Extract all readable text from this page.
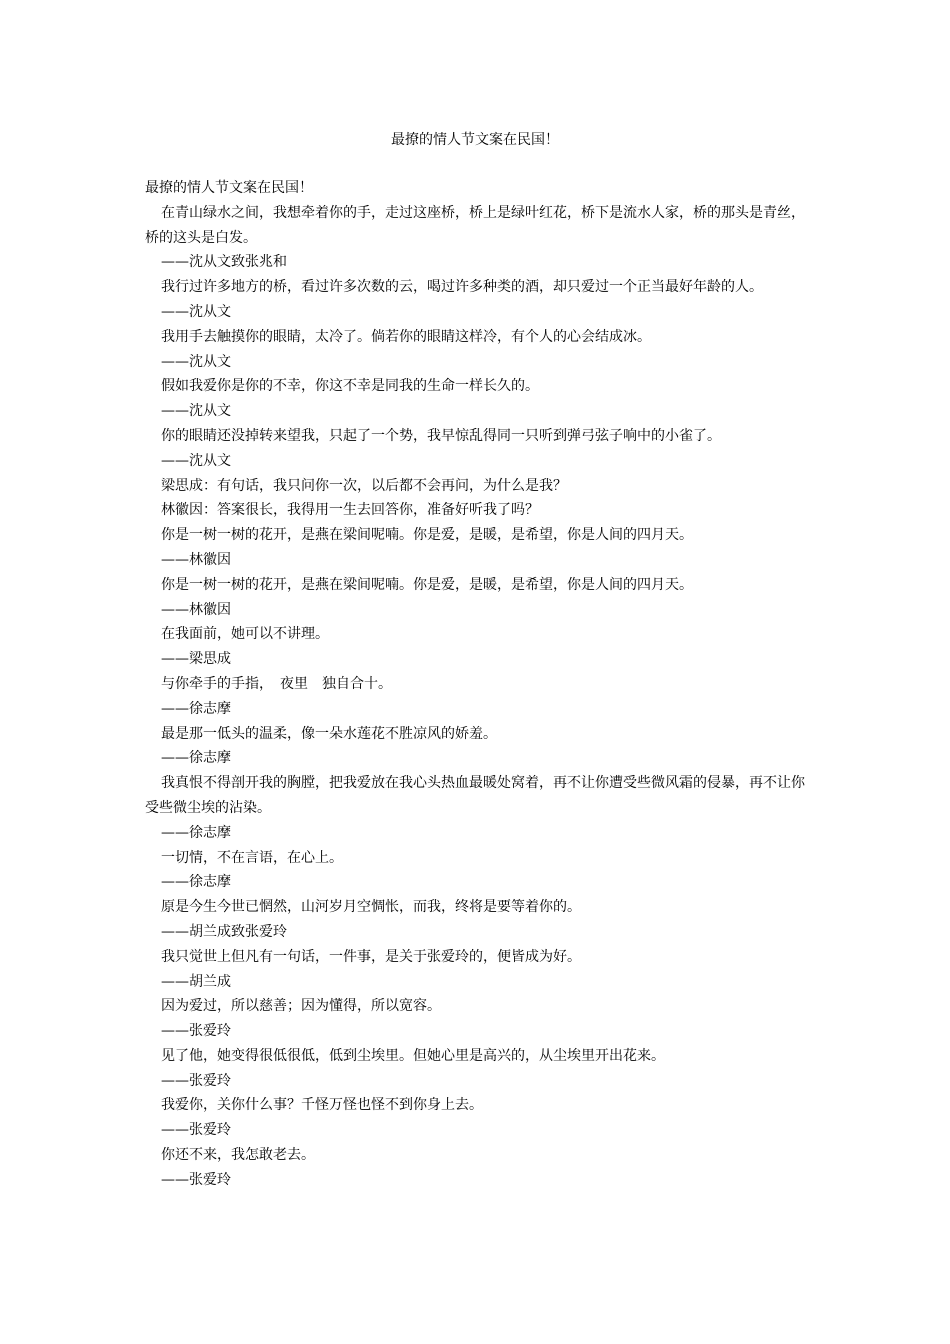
最撩的情人节文案在民国！

最撩的情人节文案在民国！

在青山绿水之间，我想牵着你的手，走过这座桥，桥上是绿叶红花，桥下是流水人家，桥的那头是青丝，桥的这头是白发。

——沈从文致张兆和

我行过许多地方的桥，看过许多次数的云，喝过许多种类的酒，却只爱过一个正当最好年龄的人。

——沈从文

我用手去触摸你的眼睛，太冷了。倘若你的眼睛这样冷，有个人的心会结成冰。

——沈从文

假如我爱你是你的不幸，你这不幸是同我的生命一样长久的。

——沈从文

你的眼睛还没掉转来望我，只起了一个势，我早惊乱得同一只听到弹弓弦子响中的小雀了。

——沈从文

梁思成：有句话，我只问你一次，以后都不会再问，为什么是我？

林徽因：答案很长，我得用一生去回答你，准备好听我了吗？

你是一树一树的花开，是燕在梁间呢喃。你是爱，是暖，是希望，你是人间的四月天。

——林徽因

你是一树一树的花开，是燕在梁间呢喃。你是爱，是暖，是希望，你是人间的四月天。

——林徽因

在我面前，她可以不讲理。

——梁思成

与你牵手的手指，　夜里　独自合十。

——徐志摩

最是那一低头的温柔，像一朵水莲花不胜凉风的娇羞。

——徐志摩

我真恨不得剖开我的胸膛，把我爱放在我心头热血最暖处窝着，再不让你遭受些微风霜的侵暴，再不让你受些微尘埃的沾染。

——徐志摩

一切情，不在言语，在心上。

——徐志摩

原是今生今世已惘然，山河岁月空惆怅，而我，终将是要等着你的。

——胡兰成致张爱玲

我只觉世上但凡有一句话，一件事，是关于张爱玲的，便皆成为好。

——胡兰成

因为爱过，所以慈善；因为懂得，所以宽容。

——张爱玲

见了他，她变得很低很低，低到尘埃里。但她心里是高兴的，从尘埃里开出花来。

——张爱玲

我爱你，关你什么事？千怪万怪也怪不到你身上去。

——张爱玲

你还不来，我怎敢老去。

——张爱玲
